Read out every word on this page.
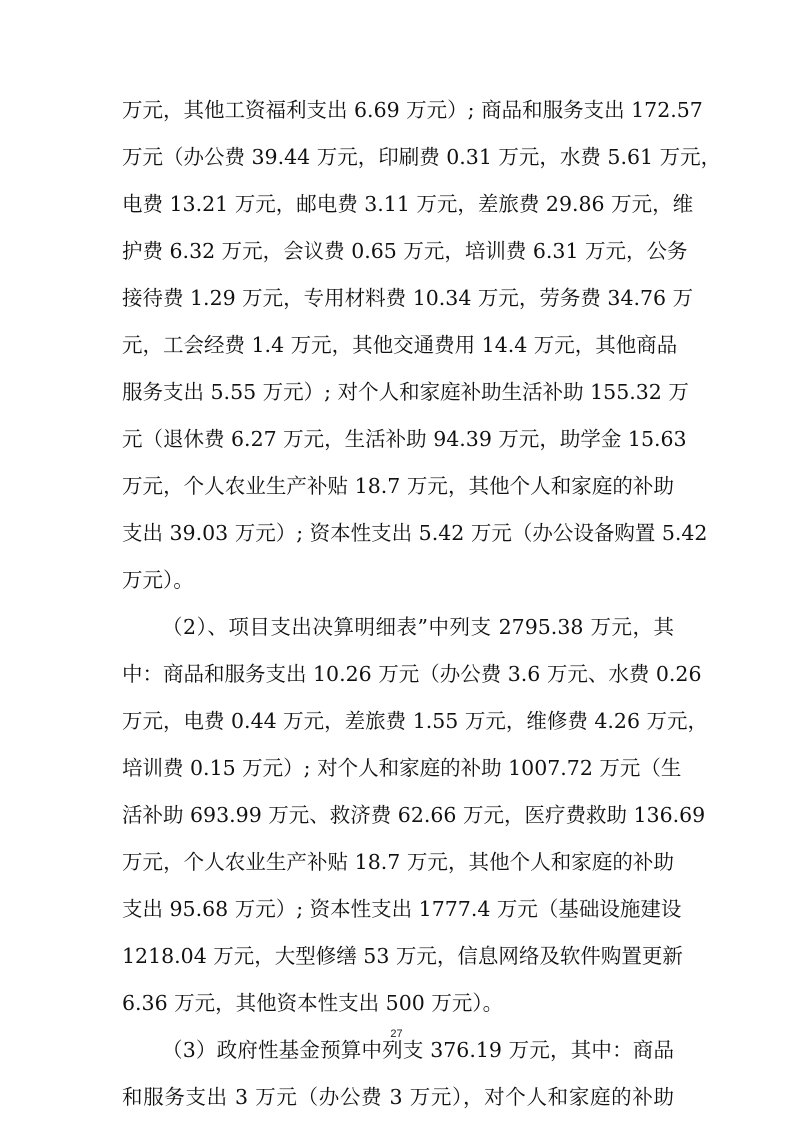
万元，其他工资福利支出 6.69 万元）; 商品和服务支出 172.57
万元（办公费 39.44 万元，印刷费 0.31 万元，水费 5.61 万元，
电费 13.21 万元，邮电费 3.11 万元，差旅费 29.86 万元，维
护费 6.32 万元，会议费 0.65 万元，培训费 6.31 万元，公务
接待费 1.29 万元，专用材料费 10.34 万元，劳务费 34.76 万
元，工会经费 1.4 万元，其他交通费用 14.4 万元，其他商品
服务支出 5.55 万元）; 对个人和家庭补助生活补助 155.32 万
元（退休费 6.27 万元，生活补助 94.39 万元，助学金 15.63
万元，个人农业生产补贴 18.7 万元，其他个人和家庭的补助
支出 39.03 万元）; 资本性支出 5.42 万元（办公设备购置 5.42
万元）。
（2）、项目支出决算明细表”中列支 2795.38 万元，其
中：商品和服务支出 10.26 万元（办公费 3.6 万元、水费 0.26
万元，电费 0.44 万元，差旅费 1.55 万元，维修费 4.26 万元，
培训费 0.15 万元）; 对个人和家庭的补助 1007.72 万元（生
活补助 693.99 万元、救济费 62.66 万元，医疗费救助 136.69
万元，个人农业生产补贴 18.7 万元，其他个人和家庭的补助
支出 95.68 万元）; 资本性支出 1777.4 万元（基础设施建设
1218.04 万元，大型修缮 53 万元，信息网络及软件购置更新
6.36 万元，其他资本性支出 500 万元）。
（3）政府性基金预算中列支 376.19 万元，其中：商品
和服务支出 3 万元（办公费 3 万元），对个人和家庭的补助
27
